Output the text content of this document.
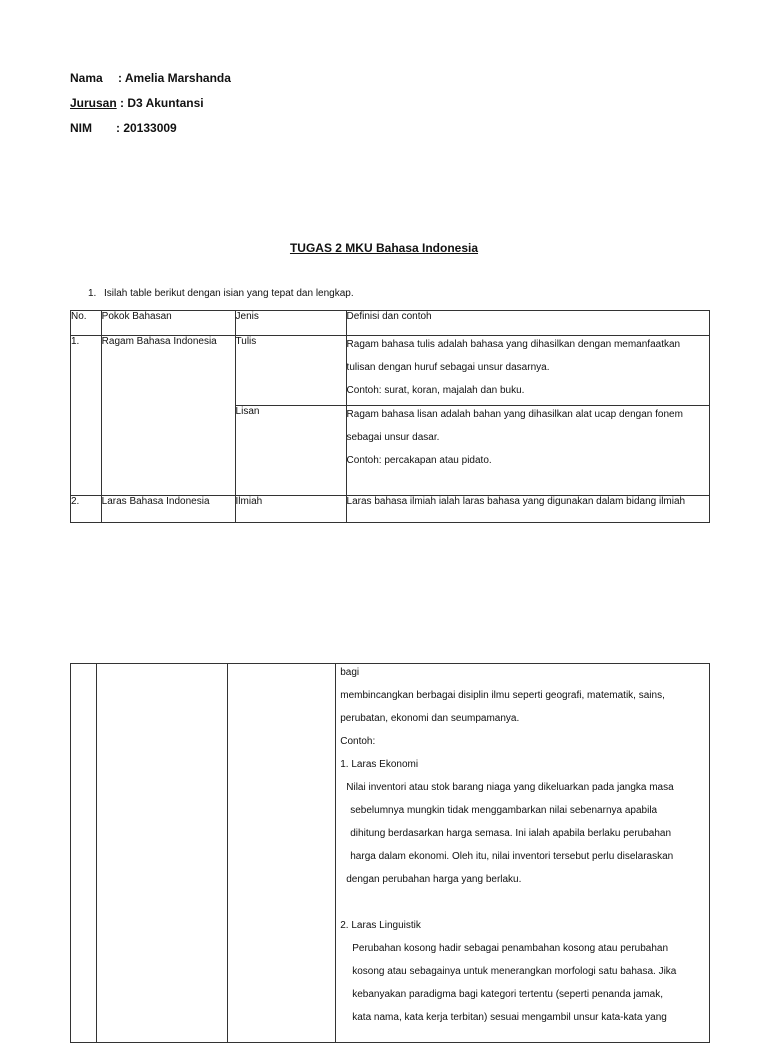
Nama : Amelia Marshanda
Jurusan : D3 Akuntansi
NIM : 20133009
TUGAS 2 MKU Bahasa Indonesia
1. Isilah table berikut dengan isian yang tepat dan lengkap.
No.	Pokok Bahasan	Jenis	Definisi dan contoh
1.	Ragam Bahasa Indonesia	Tulis	Ragam bahasa tulis adalah bahasa yang dihasilkan dengan memanfaatkan
tulisan dengan huruf sebagai unsur dasarnya.
Contoh: surat, koran, majalah dan buku.

		Lisan	Ragam bahasa lisan adalah bahan yang dihasilkan alat ucap dengan fonem
sebagai unsur dasar.
Contoh: percakapan atau pidato.

2.	Laras Bahasa Indonesia	Ilmiah	Laras bahasa ilmiah ialah laras bahasa yang digunakan dalam bidang ilmiah

bagi
membincangkan berbagai disiplin ilmu seperti geografi, matematik, sains,
perubatan, ekonomi dan seumpamanya.
Contoh:
1. Laras Ekonomi
Nilai inventori atau stok barang niaga yang dikeluarkan pada jangka masa
sebelumnya mungkin tidak menggambarkan nilai sebenarnya apabila
dihitung berdasarkan harga semasa. Ini ialah apabila berlaku perubahan
harga dalam ekonomi. Oleh itu, nilai inventori tersebut perlu diselaraskan
dengan perubahan harga yang berlaku.
2. Laras Linguistik
Perubahan kosong hadir sebagai penambahan kosong atau perubahan
kosong atau sebagainya untuk menerangkan morfologi satu bahasa. Jika
kebanyakan paradigma bagi kategori tertentu (seperti penanda jamak,
kata nama, kata kerja terbitan) sesuai mengambil unsur kata-kata yang
